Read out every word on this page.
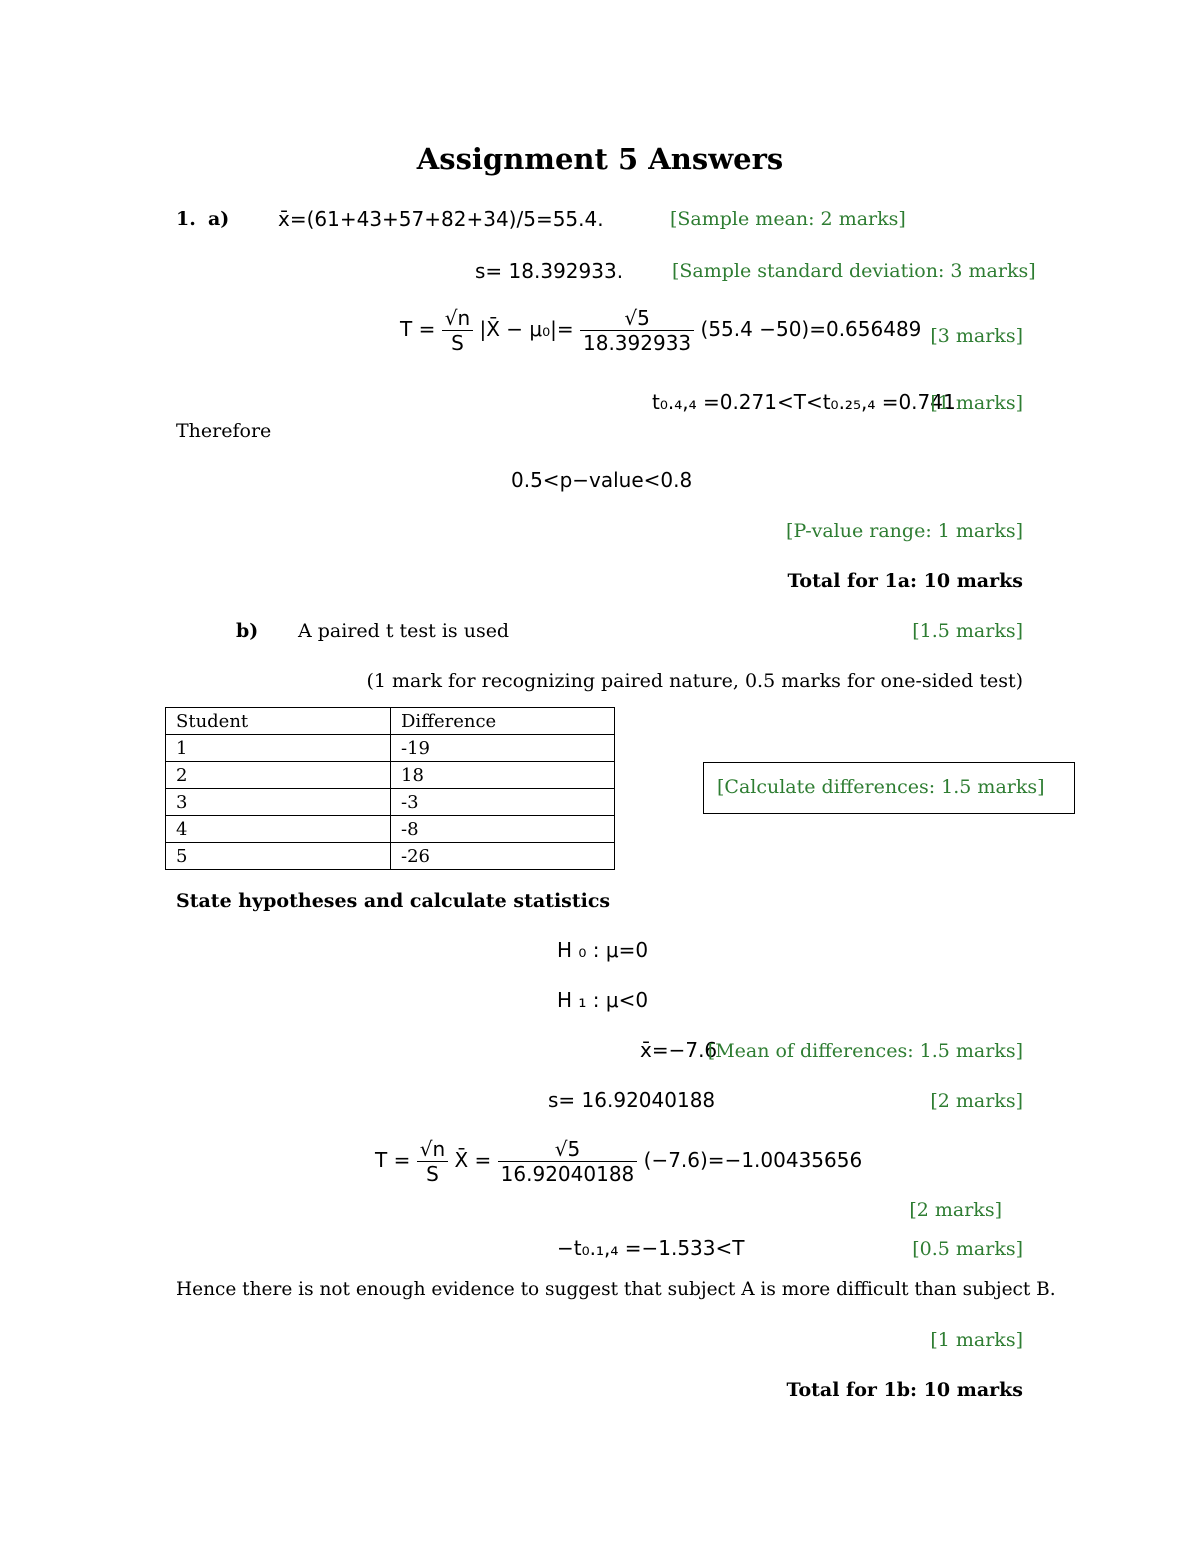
Assignment 5 Answers
1. a) x̄=(61+43+57+82+34)/5=55.4.	[Sample mean: 2 marks]
s= 18.392933.	[Sample standard deviation: 3 marks]
$T = \frac{√n}{S}$ |X̄ − $\mu_0|= \frac{√5}{18.392933} (55.4 -50)=0.656489$ [3 marks]
t₀.₄,₄ =0.271<T<t₀.₂₅,₄ =0.741
[1 marks]
Therefore
0.5<p−value<0.8
[P-value range: 1 marks]
Total for 1a: 10 marks
b) A paired t test is used	[1.5 marks]
(1 mark for recognizing paired nature, 0.5 marks for one-sided test)
Student	Difference
1	-19
2	18
3	-3
4	-8
5	-26
[Calculate differences: 1.5 marks]
State hypotheses and calculate statistics
H ₀ : μ=0
H ₁ : μ<0
x̄=−7.6
[Mean of differences: 1.5 marks]
s= 16.92040188	[2 marks]
$T = \frac{√n}{S}$ X̄ = $\frac{√5}{16.92040188} (-7.6)=-1.00435656$
[2 marks]
−t₀.₁,₄ =−1.533<T	[0.5 marks]
Hence there is not enough evidence to suggest that subject A is more difficult than subject B.
[1 marks]
Total for 1b: 10 marks
